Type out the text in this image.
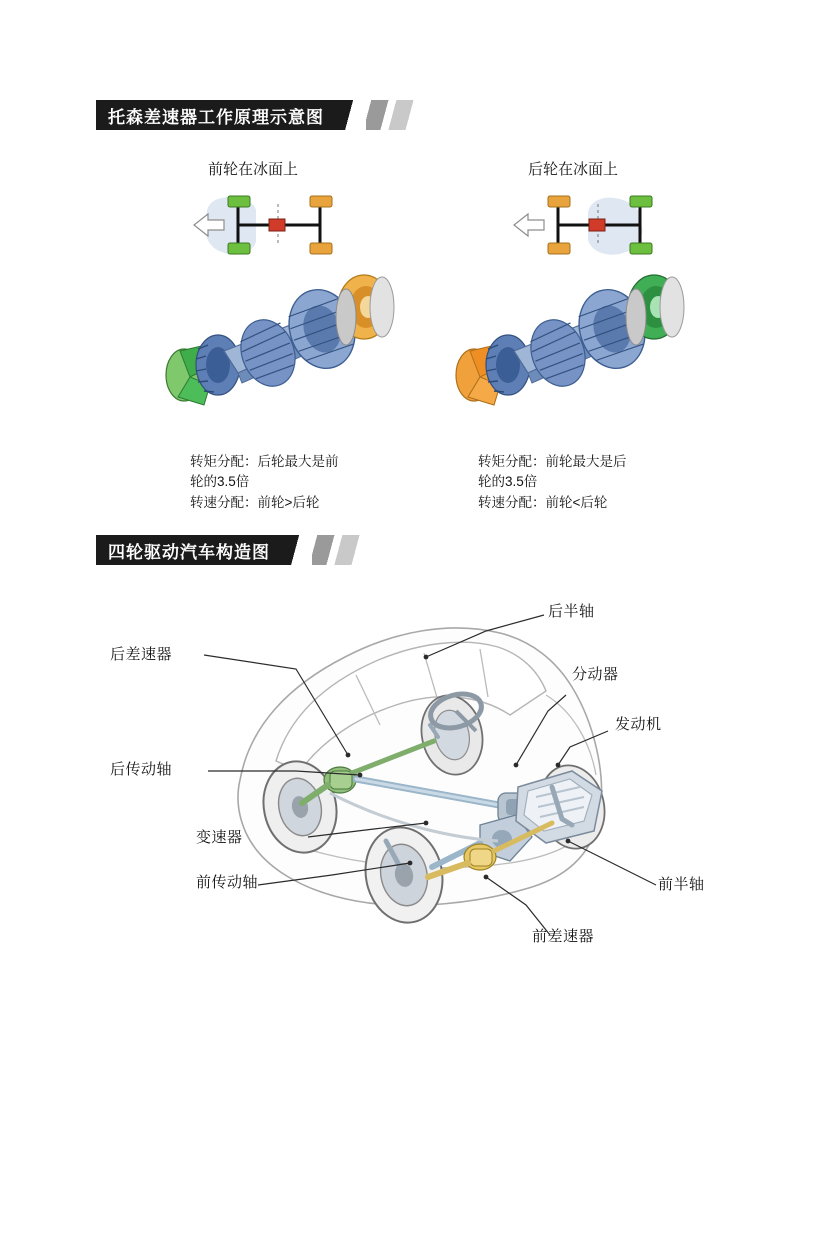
托森差速器工作原理示意图
前轮在冰面上	后轮在冰面上
转矩分配：后轮最大是前
轮的3.5倍
转速分配：前轮>后轮
转矩分配：前轮最大是后
轮的3.5倍
转速分配：前轮<后轮
四轮驱动汽车构造图
后半轴
后差速器
分动器
发动机
后传动轴
变速器
前传动轴	前半轴
前差速器
